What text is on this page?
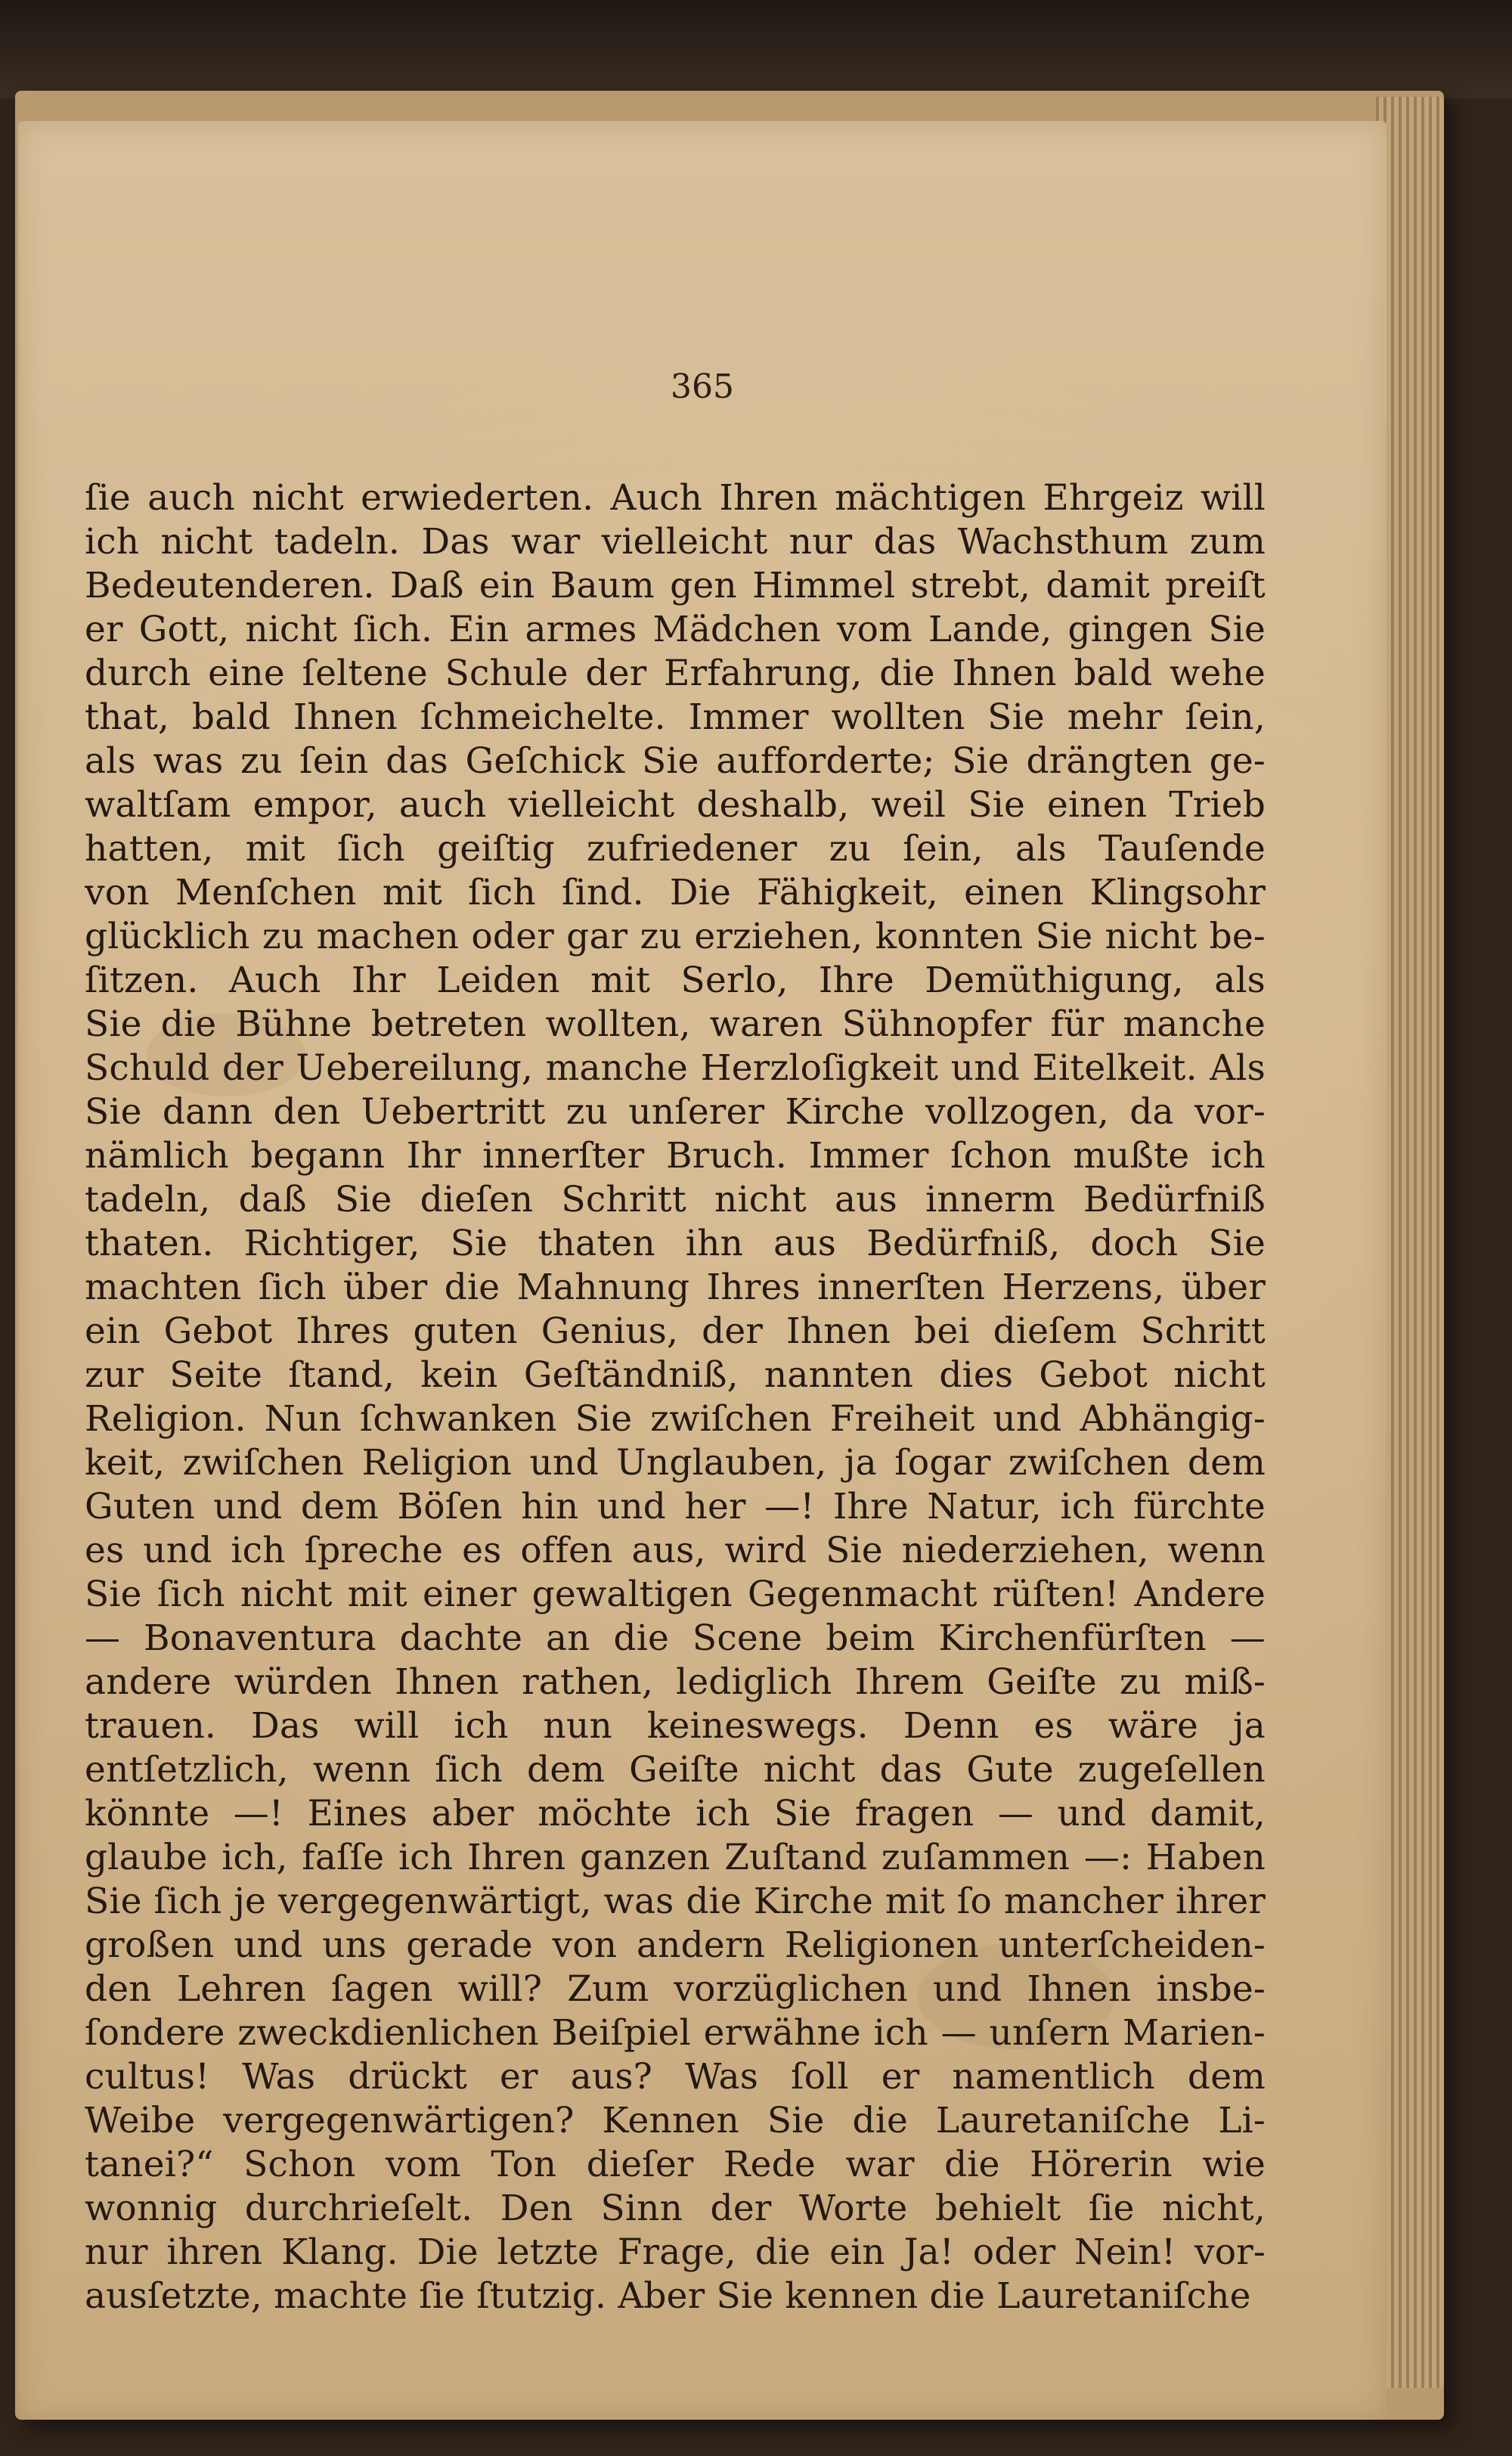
365
ſie auch nicht erwiederten. Auch Ihren mächtigen Ehrgeiz will
ich nicht tadeln. Das war vielleicht nur das Wachsthum zum
Bedeutenderen. Daß ein Baum gen Himmel strebt, damit preiſt
er Gott, nicht ſich. Ein armes Mädchen vom Lande, gingen Sie
durch eine ſeltene Schule der Erfahrung, die Ihnen bald wehe
that, bald Ihnen ſchmeichelte. Immer wollten Sie mehr ſein,
als was zu ſein das Geſchick Sie aufforderte; Sie drängten ge-
waltſam empor, auch vielleicht deshalb, weil Sie einen Trieb
hatten, mit ſich geiſtig zufriedener zu ſein, als Tauſende
von Menſchen mit ſich ſind. Die Fähigkeit, einen Klingsohr
glücklich zu machen oder gar zu erziehen, konnten Sie nicht be-
ſitzen. Auch Ihr Leiden mit Serlo, Ihre Demüthigung, als
Sie die Bühne betreten wollten, waren Sühnopfer für manche
Schuld der Uebereilung, manche Herzloſigkeit und Eitelkeit. Als
Sie dann den Uebertritt zu unſerer Kirche vollzogen, da vor-
nämlich begann Ihr innerſter Bruch. Immer ſchon mußte ich
tadeln, daß Sie dieſen Schritt nicht aus innerm Bedürfniß
thaten. Richtiger, Sie thaten ihn aus Bedürfniß, doch Sie
machten ſich über die Mahnung Ihres innerſten Herzens, über
ein Gebot Ihres guten Genius, der Ihnen bei dieſem Schritt
zur Seite ſtand, kein Geſtändniß, nannten dies Gebot nicht
Religion. Nun ſchwanken Sie zwiſchen Freiheit und Abhängig-
keit, zwiſchen Religion und Unglauben, ja ſogar zwiſchen dem
Guten und dem Böſen hin und her —! Ihre Natur, ich fürchte
es und ich ſpreche es offen aus, wird Sie niederziehen, wenn
Sie ſich nicht mit einer gewaltigen Gegenmacht rüſten! Andere
— Bonaventura dachte an die Scene beim Kirchenfürſten —
andere würden Ihnen rathen, lediglich Ihrem Geiſte zu miß-
trauen. Das will ich nun keineswegs. Denn es wäre ja
entſetzlich, wenn ſich dem Geiſte nicht das Gute zugeſellen
könnte —! Eines aber möchte ich Sie fragen — und damit,
glaube ich, faſſe ich Ihren ganzen Zuſtand zuſammen —: Haben
Sie ſich je vergegenwärtigt, was die Kirche mit ſo mancher ihrer
großen und uns gerade von andern Religionen unterſcheiden-
den Lehren ſagen will? Zum vorzüglichen und Ihnen insbe-
ſondere zweckdienlichen Beiſpiel erwähne ich — unſern Marien-
cultus! Was drückt er aus? Was ſoll er namentlich dem
Weibe vergegenwärtigen? Kennen Sie die Lauretaniſche Li-
tanei?“ Schon vom Ton dieſer Rede war die Hörerin wie
wonnig durchrieſelt. Den Sinn der Worte behielt ſie nicht,
nur ihren Klang. Die letzte Frage, die ein Ja! oder Nein! vor-
ausſetzte, machte ſie ſtutzig. Aber Sie kennen die Lauretaniſche
